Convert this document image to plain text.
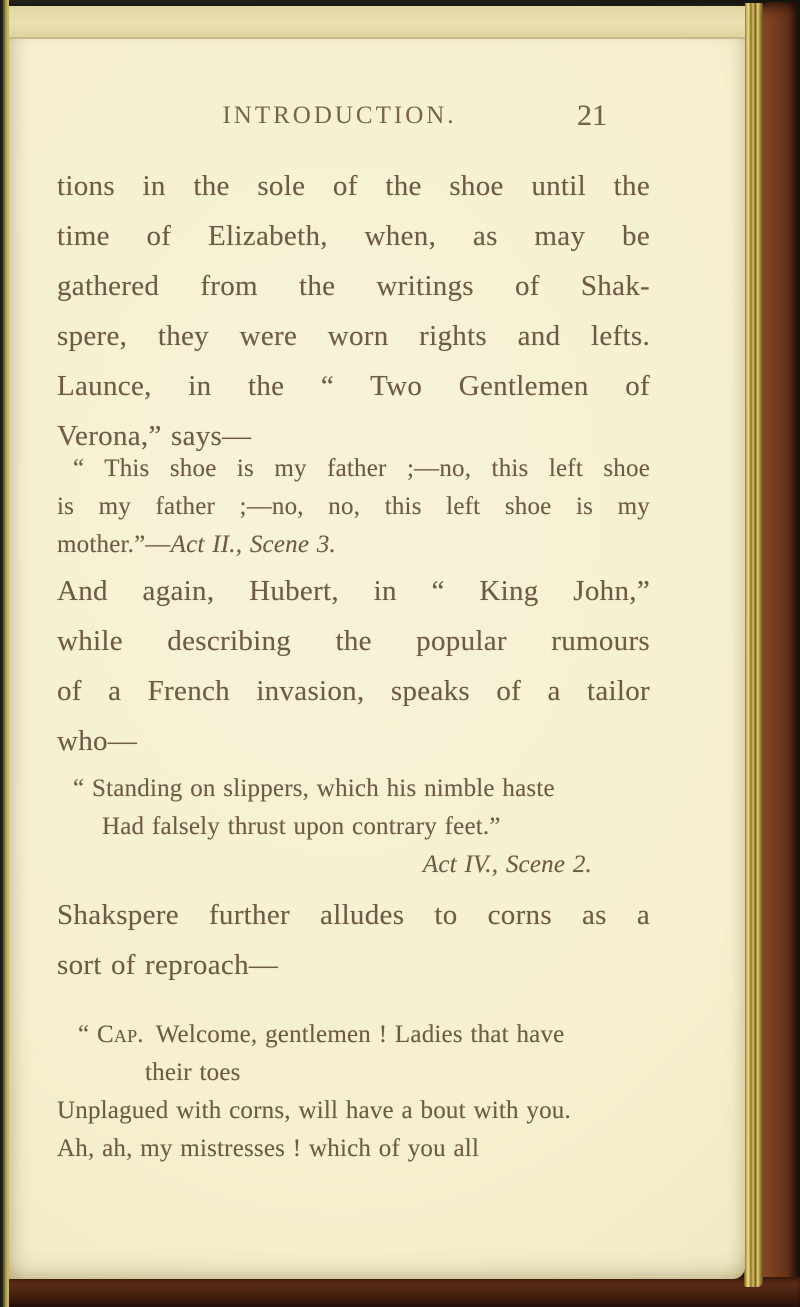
INTRODUCTION.	21
tions in the sole of the shoe until the
time of Elizabeth, when, as may be
gathered from the writings of Shak-
spere, they were worn rights and lefts.
Launce, in the “ Two Gentlemen of
Verona,” says—
“ This shoe is my father ;—no, this left shoe
is my father ;—no, no, this left shoe is my
mother.”—Act II., Scene 3.
And again, Hubert, in “ King John,”
while describing the popular rumours
of a French invasion, speaks of a tailor
who—
“ Standing on slippers, which his nimble haste
Had falsely thrust upon contrary feet.”
Act IV., Scene 2.
Shakspere further alludes to corns as a
sort of reproach—
“ Cap. Welcome, gentlemen ! Ladies that have
their toes
Unplagued with corns, will have a bout with you.
Ah, ah, my mistresses ! which of you all
